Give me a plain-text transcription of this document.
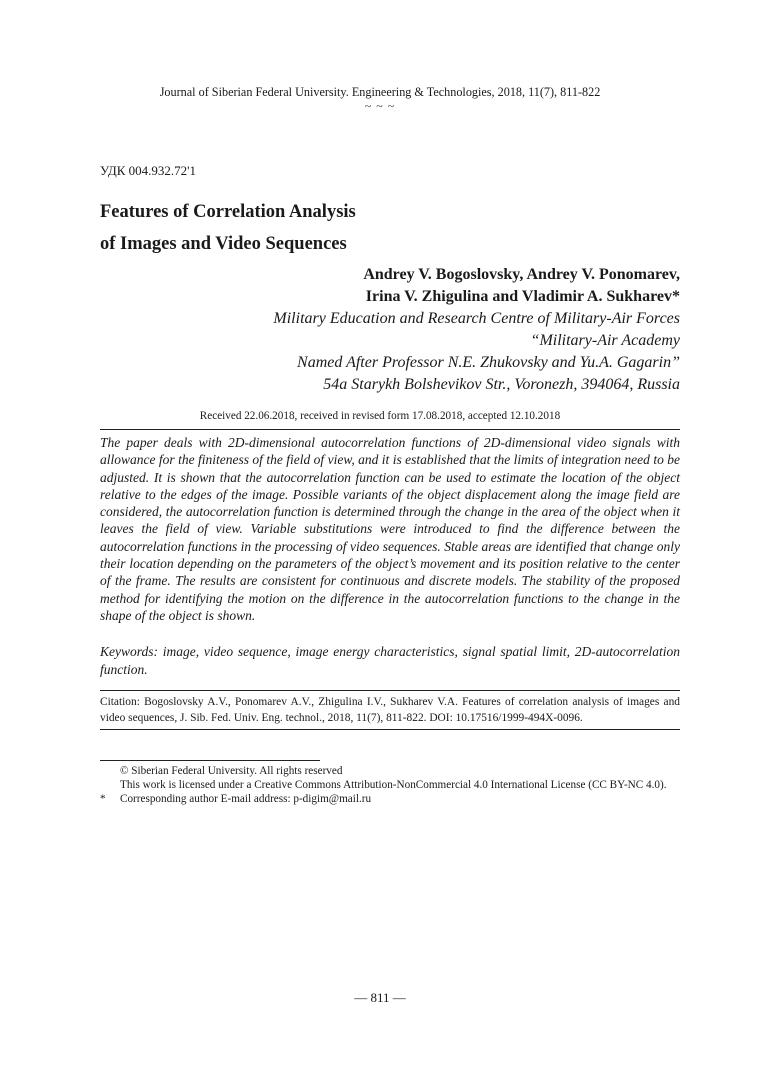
Journal of Siberian Federal University. Engineering & Technologies, 2018, 11(7), 811-822
~ ~ ~
УДК 004.932.72'1
Features of Correlation Analysis
of Images and Video Sequences
Andrey V. Bogoslovsky, Andrey V. Ponomarev,
Irina V. Zhigulina and Vladimir A. Sukharev*
Military Education and Research Centre of Military-Air Forces
“Military-Air Academy
Named After Professor N.E. Zhukovsky and Yu.A. Gagarin”
54a Starykh Bolshevikov Str., Voronezh, 394064, Russia
Received 22.06.2018, received in revised form 17.08.2018, accepted 12.10.2018
The paper deals with 2D-dimensional autocorrelation functions of 2D-dimensional video signals with allowance for the finiteness of the field of view, and it is established that the limits of integration need to be adjusted. It is shown that the autocorrelation function can be used to estimate the location of the object relative to the edges of the image. Possible variants of the object displacement along the image field are considered, the autocorrelation function is determined through the change in the area of the object when it leaves the field of view. Variable substitutions were introduced to find the difference between the autocorrelation functions in the processing of video sequences. Stable areas are identified that change only their location depending on the parameters of the object’s movement and its position relative to the center of the frame. The results are consistent for continuous and discrete models. The stability of the proposed method for identifying the motion on the difference in the autocorrelation functions to the change in the shape of the object is shown.
Keywords: image, video sequence, image energy characteristics, signal spatial limit, 2D-autocorrelation function.
Citation: Bogoslovsky A.V., Ponomarev A.V., Zhigulina I.V., Sukharev V.A. Features of correlation analysis of images and video sequences, J. Sib. Fed. Univ. Eng. technol., 2018, 11(7), 811-822. DOI: 10.17516/1999-494X-0096.
© Siberian Federal University. All rights reserved
This work is licensed under a Creative Commons Attribution-NonCommercial 4.0 International License (CC BY-NC 4.0).
* Corresponding author E-mail address: p-digim@mail.ru
— 811 —
